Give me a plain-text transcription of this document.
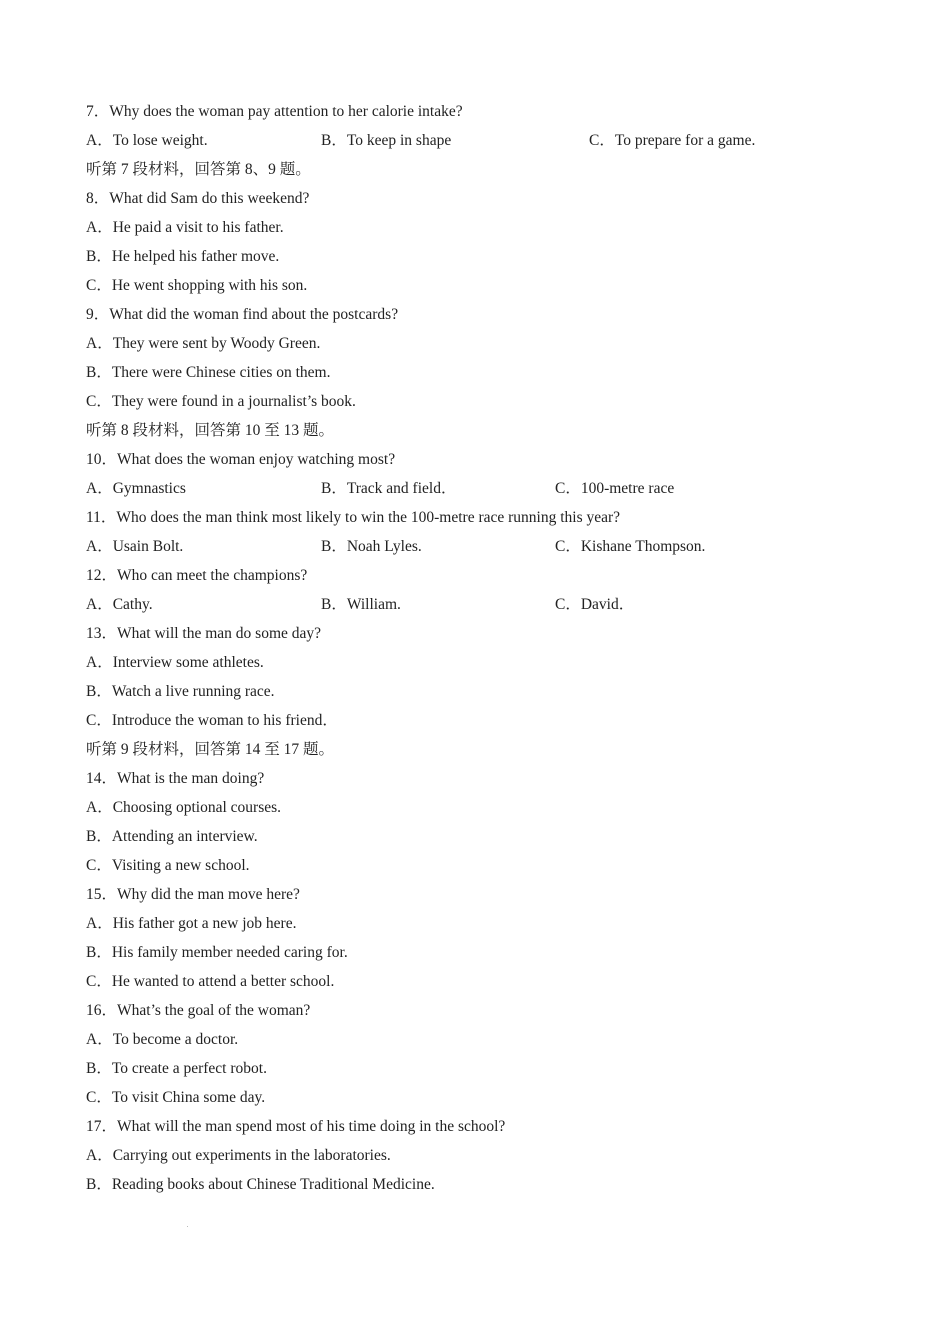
7．Why does the woman pay attention to her calorie intake?
A．To lose weight.	B．To keep in shape	C．To prepare for a game.
听第 7 段材料，回答第 8、9 题。
8．What did Sam do this weekend?
A．He paid a visit to his father.
B．He helped his father move.
C．He went shopping with his son.
9．What did the woman find about the postcards?
A．They were sent by Woody Green.
B．There were Chinese cities on them.
C．They were found in a journalist’s book.
听第 8 段材料，回答第 10 至 13 题。
10．What does the woman enjoy watching most?
A．Gymnastics	B．Track and field．	C．100-metre race
11．Who does the man think most likely to win the 100-metre race running this year?
A．Usain Bolt.	B．Noah Lyles.	C．Kishane Thompson.
12．Who can meet the champions?
A．Cathy.	B．William.	C．David．
13．What will the man do some day?
A．Interview some athletes.
B．Watch a live running race.
C．Introduce the woman to his friend．
听第 9 段材料，回答第 14 至 17 题。
14．What is the man doing?
A．Choosing optional courses.
B．Attending an interview.
C．Visiting a new school.
15．Why did the man move here?
A．His father got a new job here.
B．His family member needed caring for.
C．He wanted to attend a better school.
16．What’s the goal of the woman?
A．To become a doctor.
B．To create a perfect robot.
C．To visit China some day.
17．What will the man spend most of his time doing in the school?
A．Carrying out experiments in the laboratories.
B．Reading books about Chinese Traditional Medicine.
